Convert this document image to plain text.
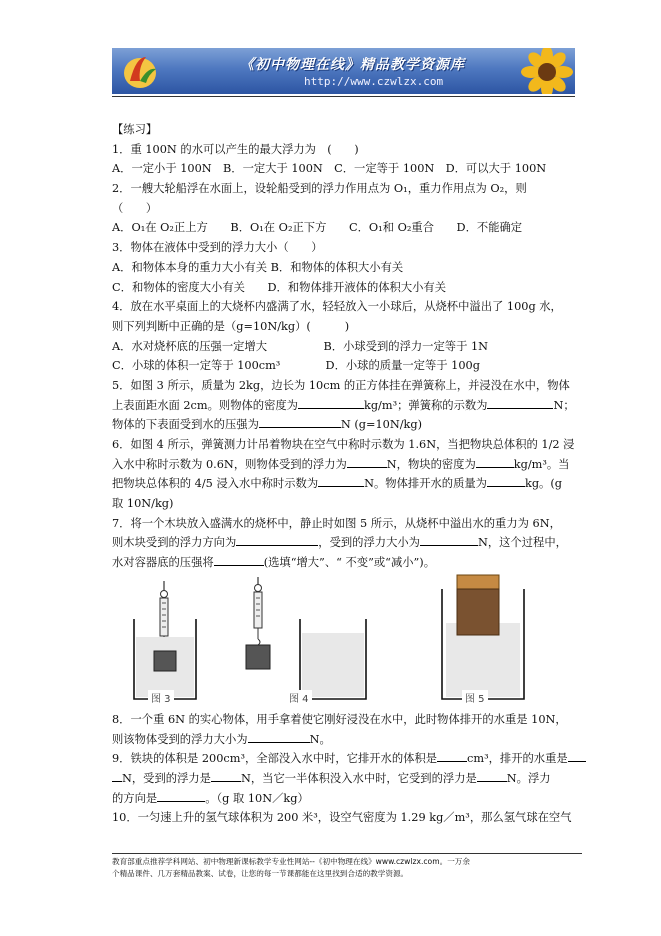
《初中物理在线》精品教学资源库
http://www.czwlzx.com
【练习】
1．重 100N 的水可以产生的最大浮力为　(　　)
A．一定小于 100N　B．一定大于 100N　C．一定等于 100N　D．可以大于 100N
2．一艘大轮船浮在水面上，设轮船受到的浮力作用点为 O₁，重力作用点为 O₂，则
（　　）
A．O₁在 O₂正上方　　B．O₁在 O₂正下方　　C．O₁和 O₂重合　　D．不能确定
3．物体在液体中受到的浮力大小（　　）
A．和物体本身的重力大小有关 B．和物体的体积大小有关
C．和物体的密度大小有关　　D．和物体排开液体的体积大小有关
4．放在水平桌面上的大烧杯内盛满了水，轻轻放入一小球后，从烧杯中溢出了 100g 水，
则下列判断中正确的是（g=10N/kg）(　　　)
A．水对烧杯底的压强一定增大　　　　　B．小球受到的浮力一定等于 1N
C．小球的体积一定等于 100cm³　　　　D．小球的质量一定等于 100g
5．如图 3 所示，质量为 2kg，边长为 10cm 的正方体挂在弹簧称上，并浸没在水中，物体
上表面距水面 2cm。则物体的密度为	kg/m³；弹簧称的示数为	N；
物体的下表面受到水的压强为	N (g=10N/kg)
6．如图 4 所示，弹簧测力计吊着物块在空气中称时示数为 1.6N，当把物块总体积的 1/2 浸
入水中称时示数为 0.6N，则物体受到的浮力为	N，物块的密度为	kg/m³。当
把物块总体积的 4/5 浸入水中称时示数为	N。物体排开水的质量为	kg。(g
取 10N/kg)
7．将一个木块放入盛满水的烧杯中，静止时如图 5 所示，从烧杯中溢出水的重力为 6N，
则木块受到的浮力方向为	，受到的浮力大小为	N，这个过程中，
水对容器底的压强将	(选填“增大”、“ 不变”或“减小”)。
图 3	图 4	图 5
8．一个重 6N 的实心物体，用手拿着使它刚好浸没在水中，此时物体排开的水重是 10N，
则该物体受到的浮力大小为	N。
9．铁块的体积是 200cm³，全部没入水中时，它排开水的体积是	cm³，排开的水重是
N，受到的浮力是	N，当它一半体积没入水中时，它受到的浮力是	N。浮力
的方向是	。（g 取 10N／kg）
10．一匀速上升的氢气球体积为 200 米³，设空气密度为 1.29 kg／m³，那么氢气球在空气
教育部重点推荐学科网站、初中物理新课标教学专业性网站--《初中物理在线》www.czwlzx.com。一万余
个精品课件、几万套精品教案、试卷，让您的每一节课都能在这里找到合适的教学资源。
